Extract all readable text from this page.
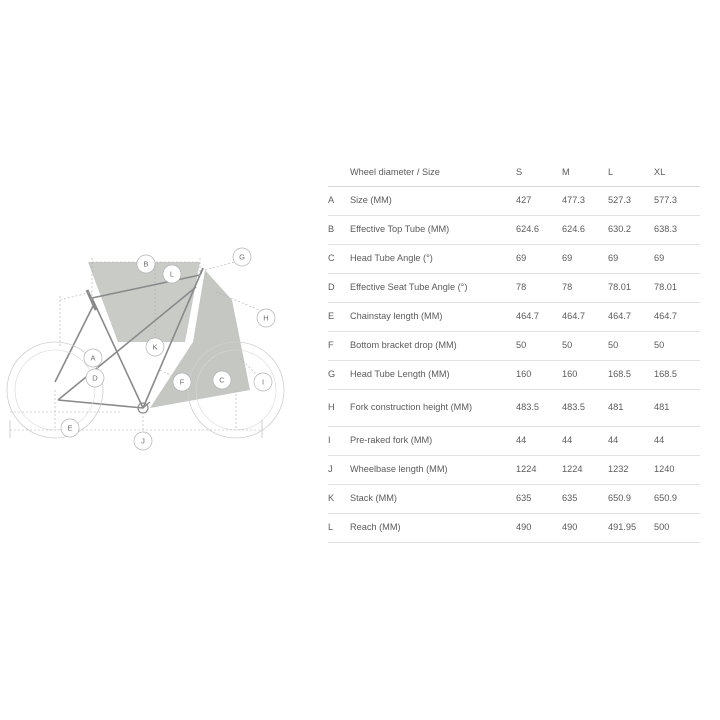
A
B
C
D
E
F
G
H
I
J
K
L
	Wheel diameter / Size	S	M	L	XL
A	Size (MM)	427	477.3	527.3	577.3
B	Effective Top Tube (MM)	624.6	624.6	630.2	638.3
C	Head Tube Angle (°)	69	69	69	69
D	Effective Seat Tube Angle (°)	78	78	78.01	78.01
E	Chainstay length (MM)	464.7	464.7	464.7	464.7
F	Bottom bracket drop (MM)	50	50	50	50
G	Head Tube Length (MM)	160	160	168.5	168.5
H	Fork construction height (MM)	483.5	483.5	481	481
I	Pre-raked fork (MM)	44	44	44	44
J	Wheelbase length (MM)	1224	1224	1232	1240
K	Stack (MM)	635	635	650.9	650.9
L	Reach (MM)	490	490	491.95	500
